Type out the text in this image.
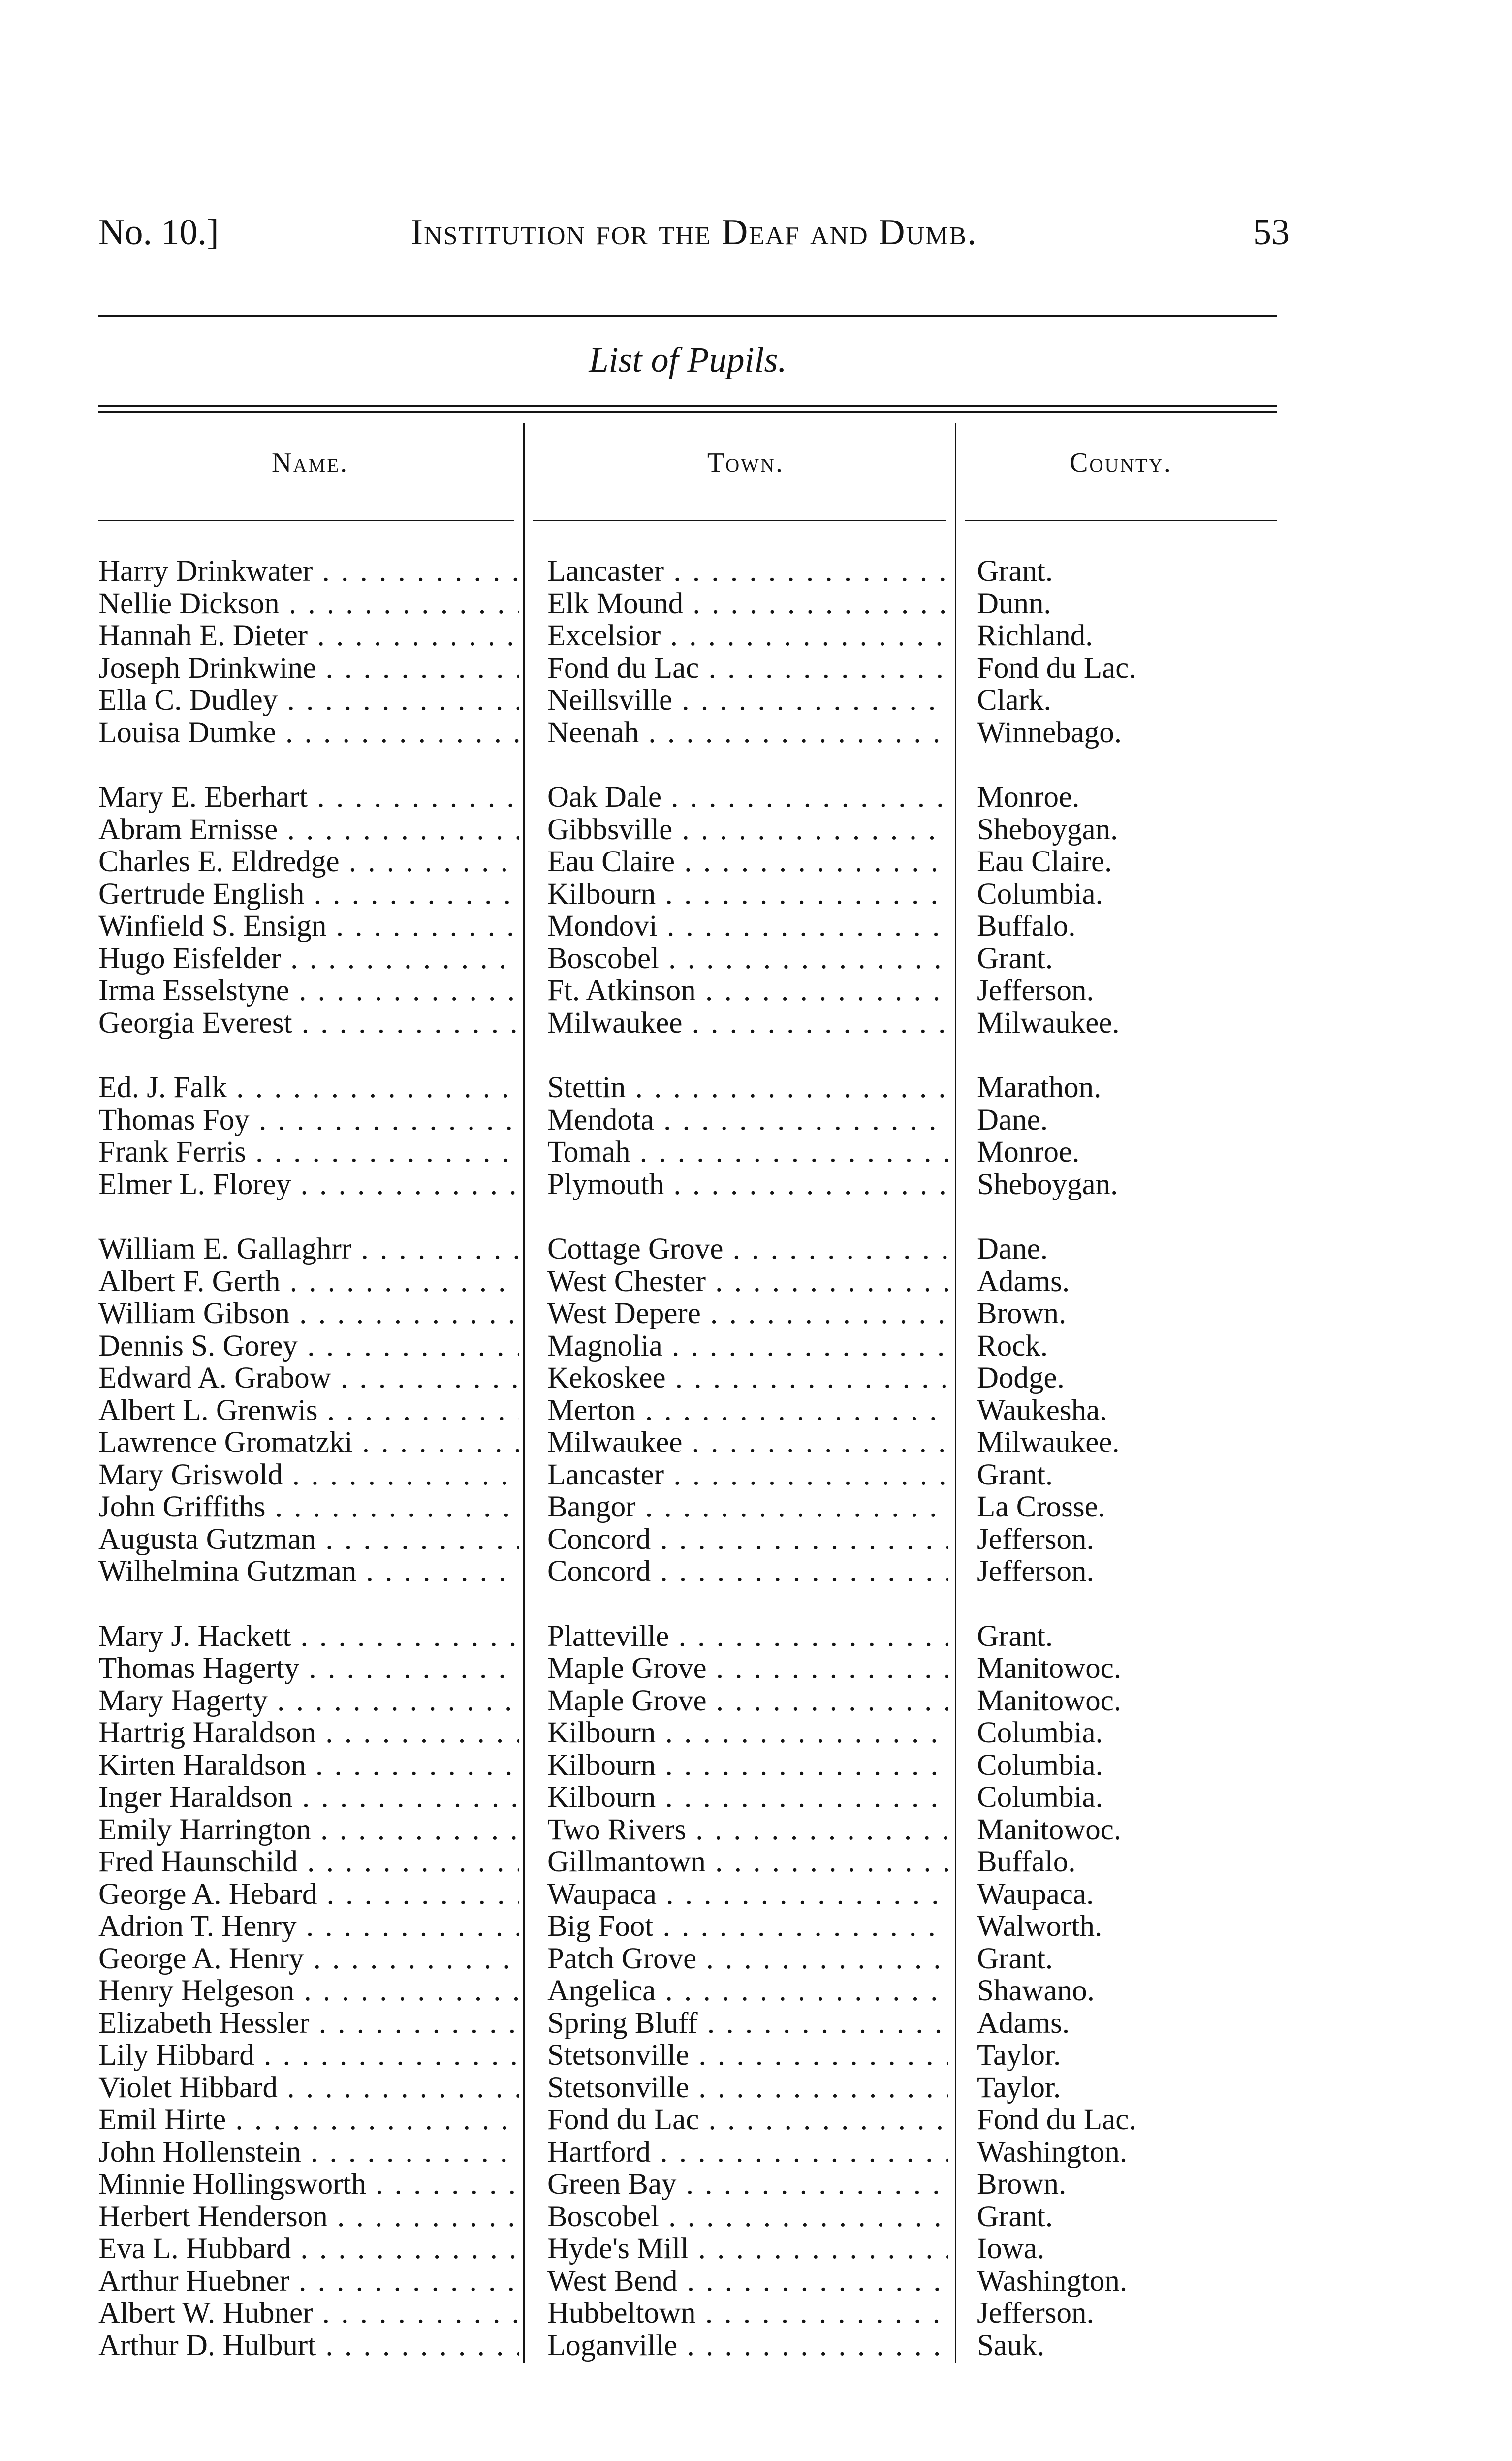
No. 10.]	Institution for the Deaf and Dumb.	53
List of Pupils.
Name.	Town.	County.
Harry Drinkwater . . .	Lancaster . . .	Grant.
Nellie Dickson . . .	Elk Mound . . .	Dunn.
Hannah E. Dieter . . .	Excelsior . . .	Richland.
Joseph Drinkwine . . .	Fond du Lac . . .	Fond du Lac.
Ella C. Dudley . . .	Neillsville . . .	Clark.
Louisa Dumke . . .	Neenah . . .	Winnebago.
Mary E. Eberhart . . .	Oak Dale . . .	Monroe.
Abram Ernisse . . .	Gibbsville . . .	Sheboygan.
Charles E. Eldredge . . .	Eau Claire . . .	Eau Claire.
Gertrude English . . .	Kilbourn . . .	Columbia.
Winfield S. Ensign . . .	Mondovi . . .	Buffalo.
Hugo Eisfelder . . .	Boscobel . . .	Grant.
Irma Esselstyne . . .	Ft. Atkinson . . .	Jefferson.
Georgia Everest . . .	Milwaukee . . .	Milwaukee.
Ed. J. Falk . . .	Stettin . . .	Marathon.
Thomas Foy . . .	Mendota . . .	Dane.
Frank Ferris . . .	Tomah . . .	Monroe.
Elmer L. Florey . . .	Plymouth . . .	Sheboygan.
William E. Gallaghrr . . .	Cottage Grove . . .	Dane.
Albert F. Gerth . . .	West Chester . . .	Adams.
William Gibson . . .	West Depere . . .	Brown.
Dennis S. Gorey . . .	Magnolia . . .	Rock.
Edward A. Grabow . . .	Kekoskee . . .	Dodge.
Albert L. Grenwis . . .	Merton . . .	Waukesha.
Lawrence Gromatzki . . .	Milwaukee . . .	Milwaukee.
Mary Griswold . . .	Lancaster . . .	Grant.
John Griffiths . . .	Bangor . . .	La Crosse.
Augusta Gutzman . . .	Concord . . .	Jefferson.
Wilhelmina Gutzman . . .	Concord . . .	Jefferson.
Mary J. Hackett . . .	Platteville . . .	Grant.
Thomas Hagerty . . .	Maple Grove . . .	Manitowoc.
Mary Hagerty . . .	Maple Grove . . .	Manitowoc.
Hartrig Haraldson . . .	Kilbourn . . .	Columbia.
Kirten Haraldson . . .	Kilbourn . . .	Columbia.
Inger Haraldson . . .	Kilbourn . . .	Columbia.
Emily Harrington . . .	Two Rivers . . .	Manitowoc.
Fred Haunschild . . .	Gillmantown . . .	Buffalo.
George A. Hebard . . .	Waupaca . . .	Waupaca.
Adrion T. Henry . . .	Big Foot . . .	Walworth.
George A. Henry . . .	Patch Grove . . .	Grant.
Henry Helgeson . . .	Angelica . . .	Shawano.
Elizabeth Hessler . . .	Spring Bluff . . .	Adams.
Lily Hibbard . . .	Stetsonville . . .	Taylor.
Violet Hibbard . . .	Stetsonville . . .	Taylor.
Emil Hirte . . .	Fond du Lac . . .	Fond du Lac.
John Hollenstein . . .	Hartford . . .	Washington.
Minnie Hollingsworth . . .	Green Bay . . .	Brown.
Herbert Henderson . . .	Boscobel . . .	Grant.
Eva L. Hubbard . . .	Hyde's Mill . . .	Iowa.
Arthur Huebner . . .	West Bend . . .	Washington.
Albert W. Hubner . . .	Hubbeltown . . .	Jefferson.
Arthur D. Hulburt . . .	Loganville . . .	Sauk.
